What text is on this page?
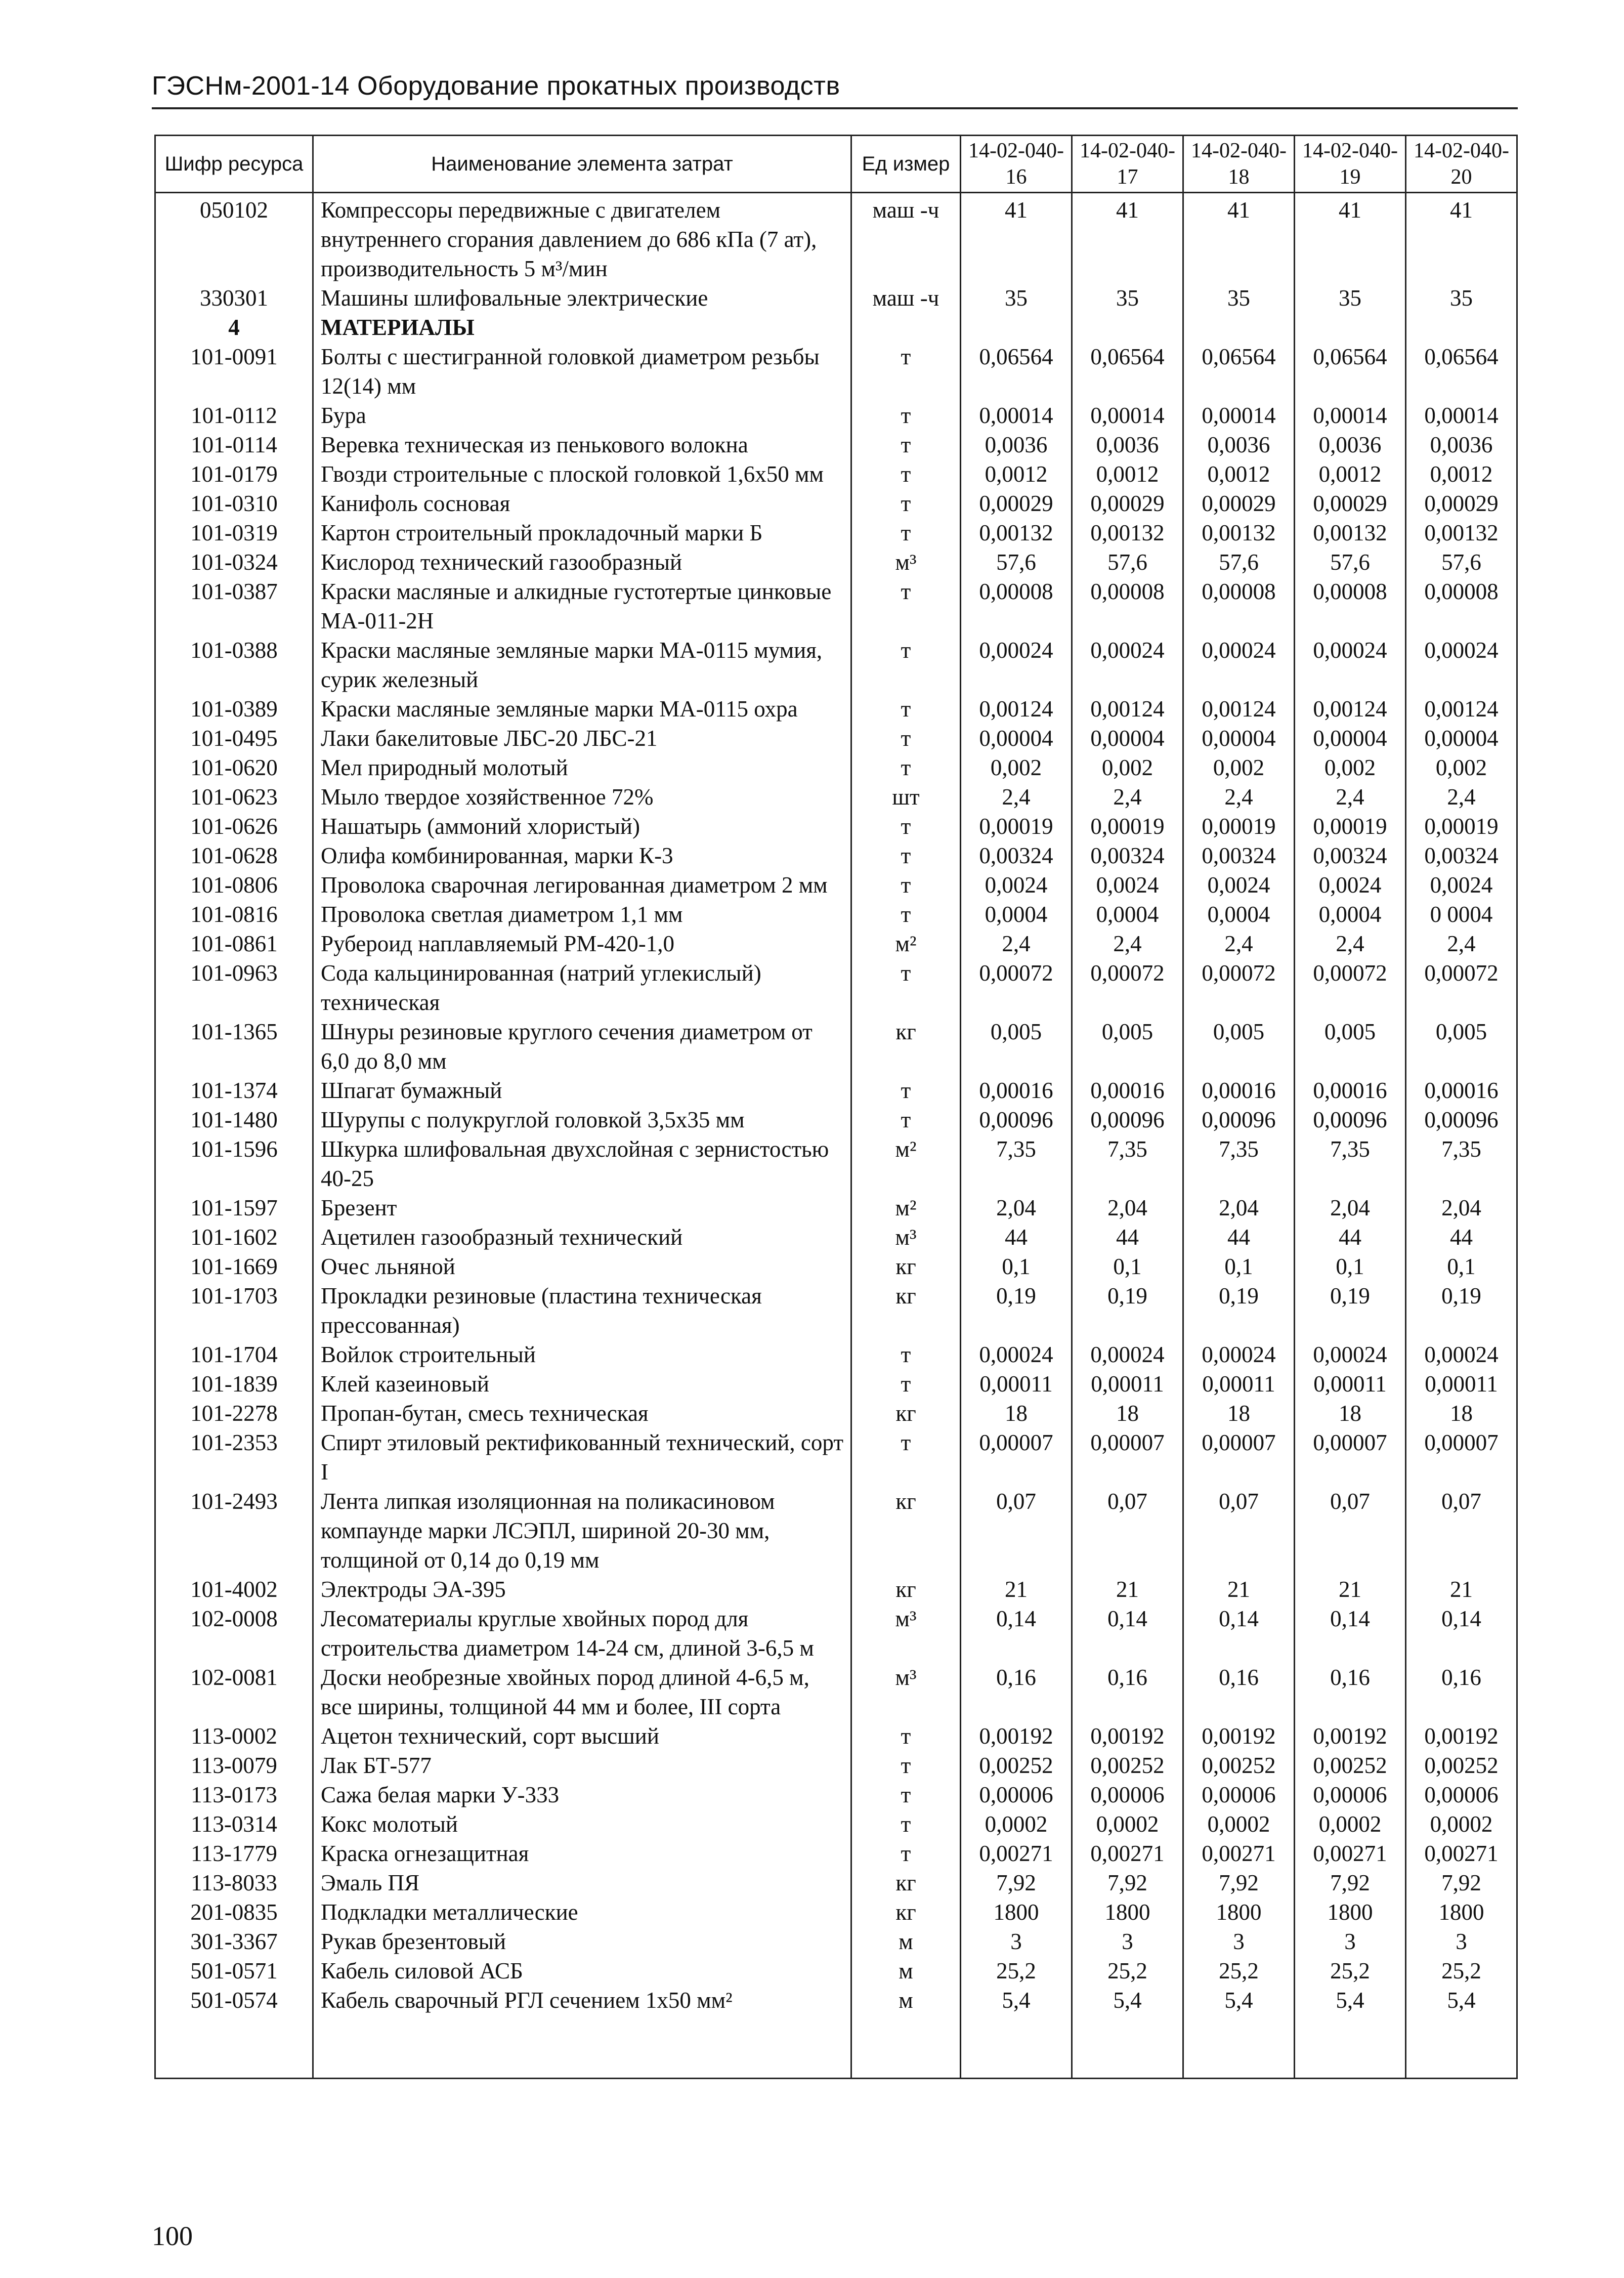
ГЭСНм-2001-14 Оборудование прокатных производств
Шифр ресурса	Наименование элемента затрат	Ед измер	14-02-040-16	14-02-040-17	14-02-040-18	14-02-040-19	14-02-040-20
050102	Компрессоры передвижные с двигателем внутреннего сгорания давлением до 686 кПа (7 ат), производительность 5 м³/мин	маш -ч	41	41	41	41	41
330301	Машины шлифовальные электрические	маш -ч	35	35	35	35	35
4	МАТЕРИАЛЫ						
101-0091	Болты с шестигранной головкой диаметром резьбы 12(14) мм	т	0,06564	0,06564	0,06564	0,06564	0,06564
101-0112	Бура	т	0,00014	0,00014	0,00014	0,00014	0,00014
101-0114	Веревка техническая из пенькового волокна	т	0,0036	0,0036	0,0036	0,0036	0,0036
101-0179	Гвозди строительные с плоской головкой 1,6х50 мм	т	0,0012	0,0012	0,0012	0,0012	0,0012
101-0310	Канифоль сосновая	т	0,00029	0,00029	0,00029	0,00029	0,00029
101-0319	Картон строительный прокладочный марки Б	т	0,00132	0,00132	0,00132	0,00132	0,00132
101-0324	Кислород технический газообразный	м³	57,6	57,6	57,6	57,6	57,6
101-0387	Краски масляные и алкидные густотертые цинковые МА-011-2Н	т	0,00008	0,00008	0,00008	0,00008	0,00008
101-0388	Краски масляные земляные марки МА-0115 мумия, сурик железный	т	0,00024	0,00024	0,00024	0,00024	0,00024
101-0389	Краски масляные земляные марки МА-0115 охра	т	0,00124	0,00124	0,00124	0,00124	0,00124
101-0495	Лаки бакелитовые ЛБС-20 ЛБС-21	т	0,00004	0,00004	0,00004	0,00004	0,00004
101-0620	Мел природный молотый	т	0,002	0,002	0,002	0,002	0,002
101-0623	Мыло твердое хозяйственное 72%	шт	2,4	2,4	2,4	2,4	2,4
101-0626	Нашатырь (аммоний хлористый)	т	0,00019	0,00019	0,00019	0,00019	0,00019
101-0628	Олифа комбинированная, марки К-3	т	0,00324	0,00324	0,00324	0,00324	0,00324
101-0806	Проволока сварочная легированная диаметром 2 мм	т	0,0024	0,0024	0,0024	0,0024	0,0024
101-0816	Проволока светлая диаметром 1,1 мм	т	0,0004	0,0004	0,0004	0,0004	0 0004
101-0861	Рубероид наплавляемый РМ-420-1,0	м²	2,4	2,4	2,4	2,4	2,4
101-0963	Сода кальцинированная (натрий углекислый) техническая	т	0,00072	0,00072	0,00072	0,00072	0,00072
101-1365	Шнуры резиновые круглого сечения диаметром от 6,0 до 8,0 мм	кг	0,005	0,005	0,005	0,005	0,005
101-1374	Шпагат бумажный	т	0,00016	0,00016	0,00016	0,00016	0,00016
101-1480	Шурупы с полукруглой головкой 3,5х35 мм	т	0,00096	0,00096	0,00096	0,00096	0,00096
101-1596	Шкурка шлифовальная двухслойная с зернистостью 40-25	м²	7,35	7,35	7,35	7,35	7,35
101-1597	Брезент	м²	2,04	2,04	2,04	2,04	2,04
101-1602	Ацетилен газообразный технический	м³	44	44	44	44	44
101-1669	Очес льняной	кг	0,1	0,1	0,1	0,1	0,1
101-1703	Прокладки резиновые (пластина техническая прессованная)	кг	0,19	0,19	0,19	0,19	0,19
101-1704	Войлок строительный	т	0,00024	0,00024	0,00024	0,00024	0,00024
101-1839	Клей казеиновый	т	0,00011	0,00011	0,00011	0,00011	0,00011
101-2278	Пропан-бутан, смесь техническая	кг	18	18	18	18	18
101-2353	Спирт этиловый ректификованный технический, сорт I	т	0,00007	0,00007	0,00007	0,00007	0,00007
101-2493	Лента липкая изоляционная на поликасиновом компаунде марки ЛСЭПЛ, шириной 20-30 мм, толщиной от 0,14 до 0,19 мм	кг	0,07	0,07	0,07	0,07	0,07
101-4002	Электроды ЭА-395	кг	21	21	21	21	21
102-0008	Лесоматериалы круглые хвойных пород для строительства диаметром 14-24 см, длиной 3-6,5 м	м³	0,14	0,14	0,14	0,14	0,14
102-0081	Доски необрезные хвойных пород длиной 4-6,5 м, все ширины, толщиной 44 мм и более, III сорта	м³	0,16	0,16	0,16	0,16	0,16
113-0002	Ацетон технический, сорт высший	т	0,00192	0,00192	0,00192	0,00192	0,00192
113-0079	Лак БТ-577	т	0,00252	0,00252	0,00252	0,00252	0,00252
113-0173	Сажа белая марки У-333	т	0,00006	0,00006	0,00006	0,00006	0,00006
113-0314	Кокс молотый	т	0,0002	0,0002	0,0002	0,0002	0,0002
113-1779	Краска огнезащитная	т	0,00271	0,00271	0,00271	0,00271	0,00271
113-8033	Эмаль ПЯ	кг	7,92	7,92	7,92	7,92	7,92
201-0835	Подкладки металлические	кг	1800	1800	1800	1800	1800
301-3367	Рукав брезентовый	м	3	3	3	3	3
501-0571	Кабель силовой АСБ	м	25,2	25,2	25,2	25,2	25,2
501-0574	Кабель сварочный РГЛ сечением 1х50 мм²	м	5,4	5,4	5,4	5,4	5,4

100
